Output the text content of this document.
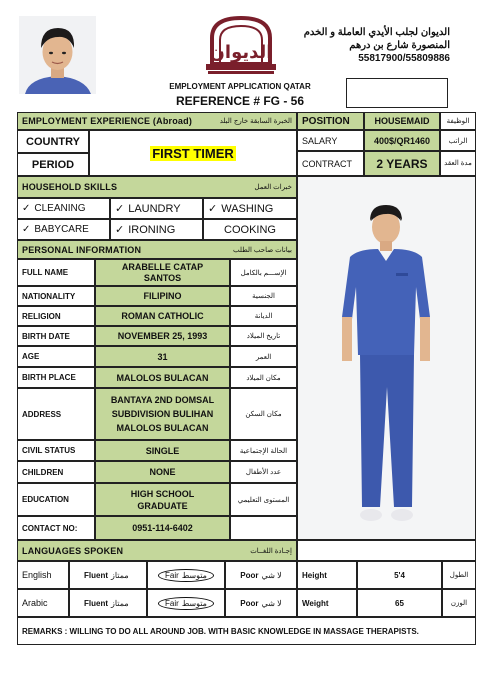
الديوان
الديوان لجلب الأيدي العاملة و الخدم
المنصورة شارع بن درهم
55817900/55809886
EMPLOYMENT APPLICATION QATAR
REFERENCE # FG - 56
EMPLOYMENT EXPERIENCE (Abroad)	الخبرة السابقة خارج البلد
COUNTRY
PERIOD
FIRST TIMER
POSITION	HOUSEMAID	الوظيفة
SALARY	400$/QR1460	الراتب
CONTRACT	2 YEARS	مدة العقد
HOUSEHOLD SKILLS	خبرات العمل
✓ CLEANING	✓ LAUNDRY ✓ WASHING
✓ BABYCARE ✓ IRONING	COOKING
PERSONAL INFORMATION	بيانات صاحب الطلب
FULL NAME
ARABELLE CATAP SANTOS	الإســـم بالكامل
NATIONALITY	FILIPINO	الجنسية
RELIGION	ROMAN CATHOLIC	الديانة
BIRTH DATE	NOVEMBER 25, 1993	تاريخ الميلاد
AGE	31	العمر
BIRTH PLACE	MALOLOS BULACAN	مكان الميلاد
ADDRESS
BANTAYA 2ND DOMSAL SUBDIVISION BULIHAN MALOLOS BULACAN
مكان السكن
CIVIL STATUS	SINGLE	الحالة الإجتماعية
CHILDREN	NONE	عدد الأطفال
EDUCATION
HIGH SCHOOL GRADUATE
المستوى التعليمي
CONTACT NO:	0951-114-6402
LANGUAGES SPOKEN	إجـادة اللغــات
English	Fluent ممتاز	Fair متوسط	Poor لا شي
Arabic	Fluent ممتاز	Fair متوسط	Poor لا شي
Height	5'4	الطول
Weight	65	الوزن
REMARKS : WILLING TO DO ALL AROUND JOB. WITH BASIC KNOWLEDGE IN MASSAGE THERAPISTS.
